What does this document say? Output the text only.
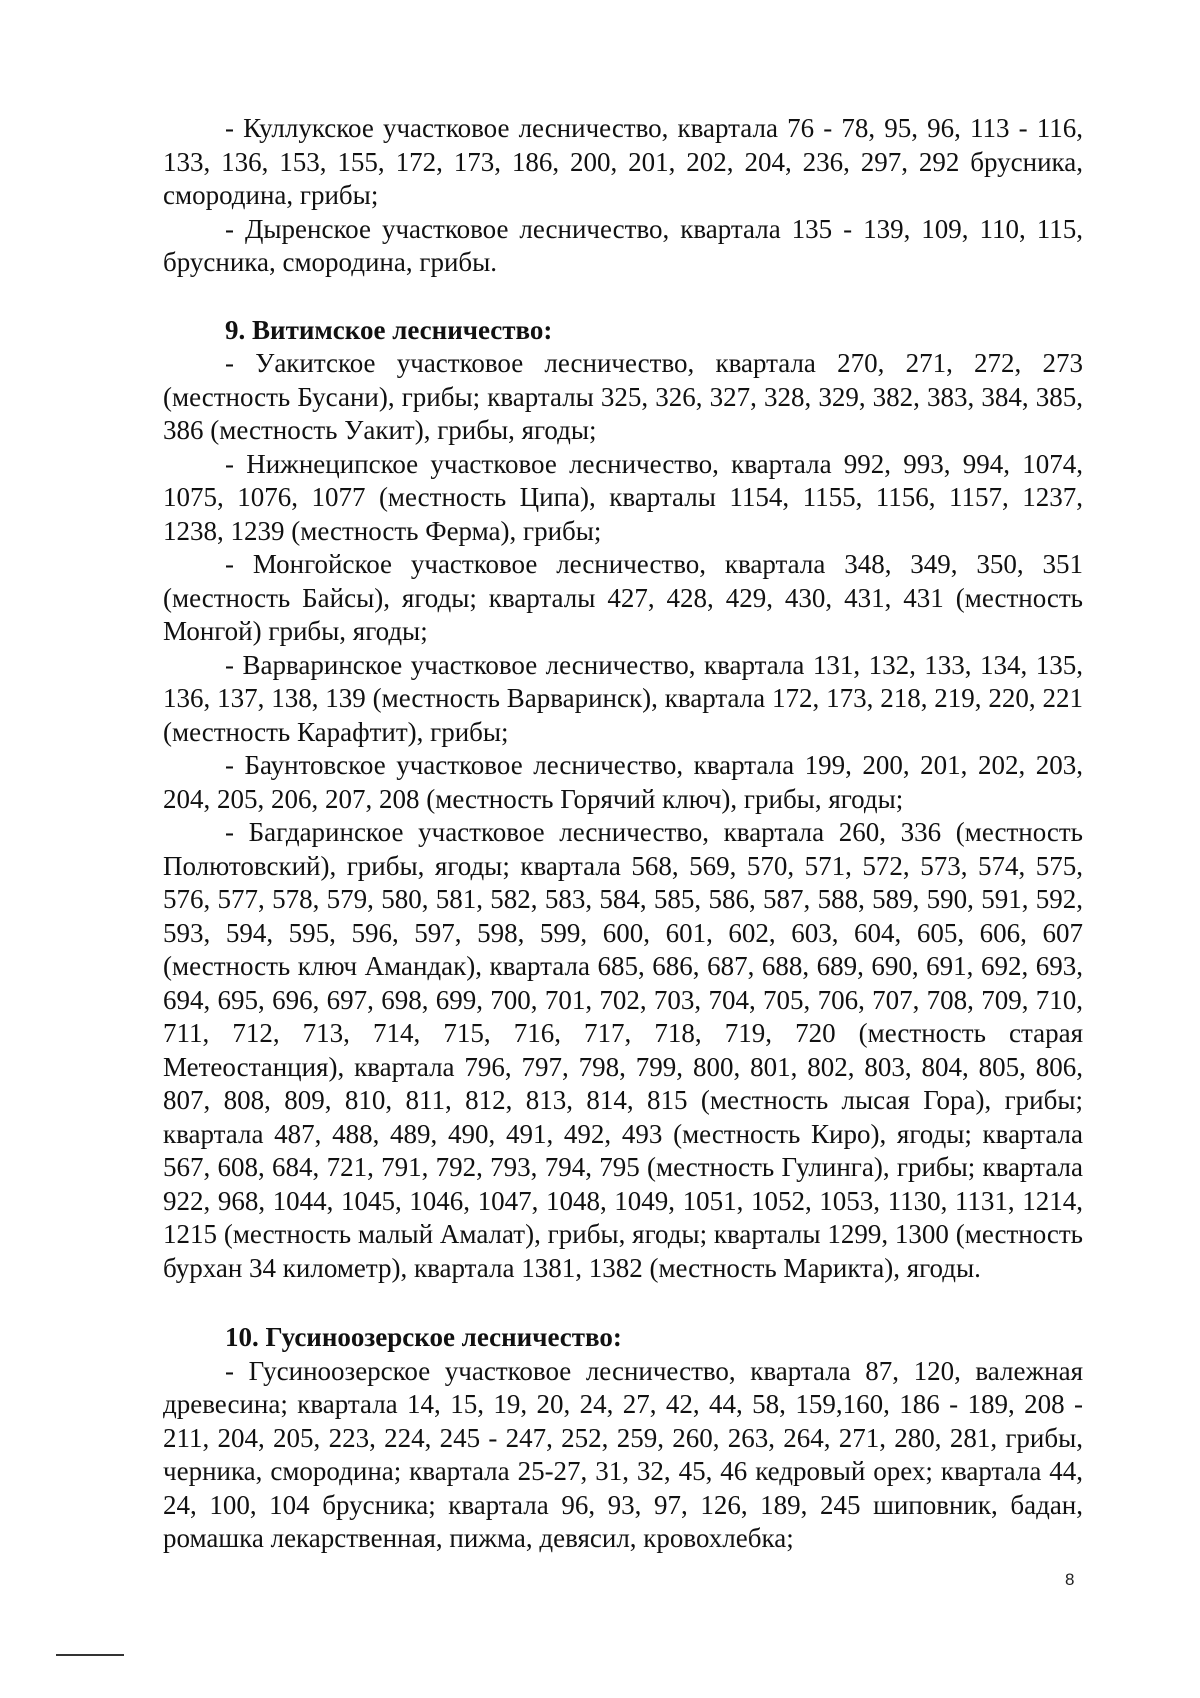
- Куллукское участковое лесничество, квартала 76 - 78, 95, 96, 113 - 116, 133, 136, 153, 155, 172, 173, 186, 200, 201, 202, 204, 236, 297, 292 брусника, смородина, грибы;

- Дыренское участковое лесничество, квартала 135 - 139, 109, 110, 115, брусника, смородина, грибы.

9. Витимское лесничество:

- Уакитское участковое лесничество, квартала 270, 271, 272, 273 (местность Бусани), грибы; кварталы 325, 326, 327, 328, 329, 382, 383, 384, 385, 386 (местность Уакит), грибы, ягоды;

- Нижнеципское участковое лесничество, квартала 992, 993, 994, 1074, 1075, 1076, 1077 (местность Ципа), кварталы 1154, 1155, 1156, 1157, 1237, 1238, 1239 (местность Ферма), грибы;

- Монгойское участковое лесничество, квартала 348, 349, 350, 351 (местность Байсы), ягоды; кварталы 427, 428, 429, 430, 431, 431 (местность Монгой) грибы, ягоды;

- Варваринское участковое лесничество, квартала 131, 132, 133, 134, 135, 136, 137, 138, 139 (местность Варваринск), квартала 172, 173, 218, 219, 220, 221 (местность Карафтит), грибы;

- Баунтовское участковое лесничество, квартала 199, 200, 201, 202, 203, 204, 205, 206, 207, 208 (местность Горячий ключ), грибы, ягоды;

- Багдаринское участковое лесничество, квартала 260, 336 (местность Полютовский), грибы, ягоды; квартала 568, 569, 570, 571, 572, 573, 574, 575, 576, 577, 578, 579, 580, 581, 582, 583, 584, 585, 586, 587, 588, 589, 590, 591, 592, 593, 594, 595, 596, 597, 598, 599, 600, 601, 602, 603, 604, 605, 606, 607 (местность ключ Амандак), квартала 685, 686, 687, 688, 689, 690, 691, 692, 693, 694, 695, 696, 697, 698, 699, 700, 701, 702, 703, 704, 705, 706, 707, 708, 709, 710, 711, 712, 713, 714, 715, 716, 717, 718, 719, 720 (местность старая Метеостанция), квартала 796, 797, 798, 799, 800, 801, 802, 803, 804, 805, 806, 807, 808, 809, 810, 811, 812, 813, 814, 815 (местность лысая Гора), грибы; квартала 487, 488, 489, 490, 491, 492, 493 (местность Киро), ягоды; квартала 567, 608, 684, 721, 791, 792, 793, 794, 795 (местность Гулинга), грибы; квартала 922, 968, 1044, 1045, 1046, 1047, 1048, 1049, 1051, 1052, 1053, 1130, 1131, 1214, 1215 (местность малый Амалат), грибы, ягоды; кварталы 1299, 1300 (местность бурхан 34 километр), квартала 1381, 1382 (местность Марикта), ягоды.

10. Гусиноозерское лесничество:

- Гусиноозерское участковое лесничество, квартала 87, 120, валежная древесина; квартала 14, 15, 19, 20, 24, 27, 42, 44, 58, 159,160, 186 - 189, 208 - 211, 204, 205, 223, 224, 245 - 247, 252, 259, 260, 263, 264, 271, 280, 281, грибы, черника, смородина; квартала 25-27, 31, 32, 45, 46 кедровый орех; квартала 44, 24, 100, 104 брусника; квартала 96, 93, 97, 126, 189, 245 шиповник, бадан, ромашка лекарственная, пижма, девясил, кровохлебка;

8
